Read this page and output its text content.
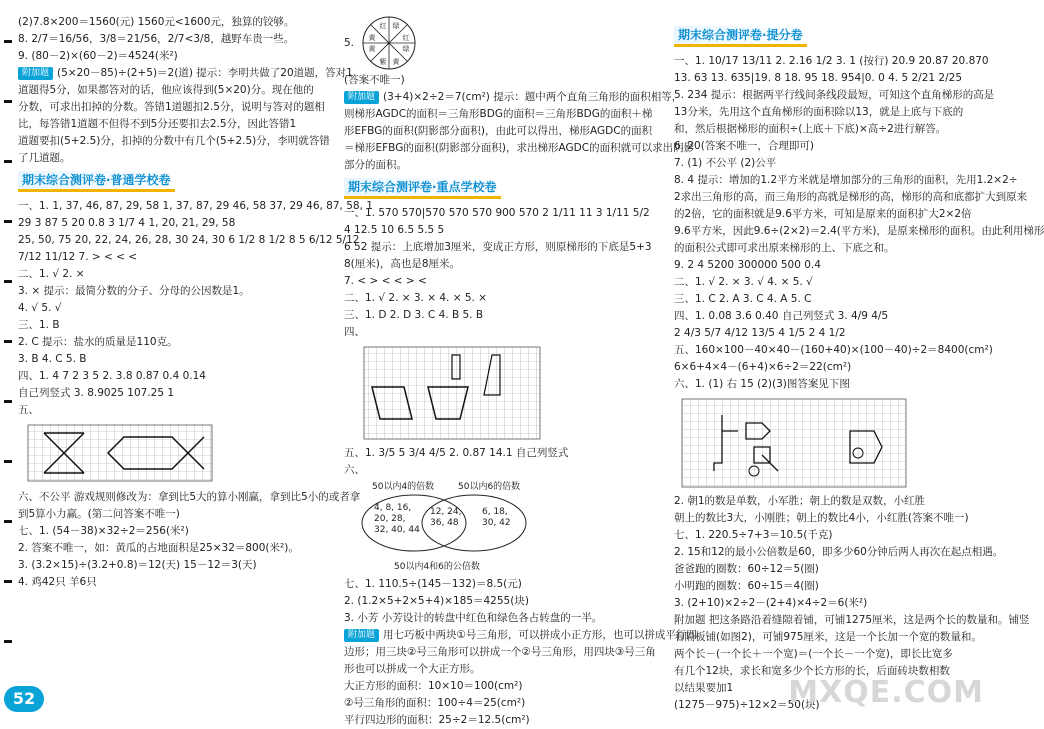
(2)7.8×200＝1560(元) 1560元<1600元，独算的铰够。
8. 2/7＝16/56，3/8＝21/56，2/7<3/8，越野车贵一些。
9. (80－2)×(60－2)＝4524(米²)
附加题 (5×20－85)÷(2+5)＝2(道) 提示：李明共做了20道题，答对1
道题得5分，如果都答对的话，他应该得到(5×20)分。现在他的
分数，可求出扣掉的分数。答错1道题扣2.5分，说明与答对的题相
比，每答错1道题不但得不到5分还要扣去2.5分，因此答错1
道题要扣(5+2.5)分，扣掉的分数中有几个(5+2.5)分，李明就答错
了几道题。
期末综合测评卷·普通学校卷
一、1. 1, 37, 46, 87, 29, 58 1, 37, 87, 29 46, 58 37, 29 46, 87, 58, 1
29 3 87 5 20 0.8 3 1/7 4 1, 20, 21, 29, 58
25, 50, 75 20, 22, 24, 26, 28, 30 24, 30 6 1/2 8 1/2 8 5 6/12 5/12
7/12 11/12 7. > < < <
二、1. √ 2. ×
3. × 提示：最简分数的分子、分母的公因数是1。
4. √ 5. √
三、1. B
2. C 提示：盐水的质量是110克。
3. B 4. C 5. B
四、1. 4 7 2 3 5 2. 3.8 0.87 0.4 0.14
自己列竖式 3. 8.9025 107.25 1
五、
六、不公平 游戏规则修改为：拿到比5大的算小刚赢，拿到比5小的或者拿
到5算小力赢。(第二问答案不唯一)
七、1. (54－38)×32÷2＝256(米²)
2. 答案不唯一，如：黄瓜的占地面积是25×32＝800(米²)。
3. (3.2×15)÷(3.2+0.8)＝12(天) 15－12＝3(天)
4. 鸡42只 羊6只
5.
红 绿
红
绿
黄
紫
黄
黄
(答案不唯一)
附加题 (3+4)×2÷2＝7(cm²) 提示：题中两个直角三角形的面积相等，
则梯形AGDC的面积＝三角形BDG的面积＝三角形BDG的面积＋梯
形EFBG的面积(阴影部分面积)，由此可以得出，梯形AGDC的面积
＝梯形EFBG的面积(阴影部分面积)，求出梯形AGDC的面积就可以求出阴影
部分的面积。
期末综合测评卷·重点学校卷
一、1. 570 570|570 570 570 900 570 2 1/11 11 3 1/11 5/2
4 12.5 10 6.5 5.5 5
6 52 提示：上底增加3厘米，变成正方形，则原梯形的下底是5+3
8(厘米)，高也是8厘米。
7. < > < < > <
二、1. √ 2. × 3. × 4. × 5. ×
三、1. D 2. D 3. C 4. B 5. B
四、
五、1. 3/5 5 3/4 4/5 2. 0.87 14.1 自己列竖式
六、
50以内4的倍数	50以内6的倍数
4, 8, 16,
20, 28,
32, 40, 44
12, 24,
36, 48
6, 18,
30, 42
50以内4和6的公倍数
七、1. 110.5÷(145－132)＝8.5(元)
2. (1.2×5+2×5+4)×185＝4255(块)
3. 小芳 小芳设计的转盘中红色和绿色各占转盘的一半。
附加题 用七巧板中两块①号三角形，可以拼成小正方形，也可以拼成平行四
边形；用三块②号三角形可以拼成一个②号三角形，用四块③号三角
形也可以拼成一个大正方形。
大正方形的面积：10×10＝100(cm²)
②号三角形的面积：100÷4＝25(cm²)
平行四边形的面积：25÷2＝12.5(cm²)
期末综合测评卷·提分卷
一、1. 10/17 13/11 2. 2.16 1/2 3. 1 (按行) 20.9 20.87 20.870
13. 63 13. 635|19. 8 18. 95 18. 954|0. 0 4. 5 2/21 2/25
5. 234 提示：根据两平行线间条线段最短，可知这个直角梯形的高是
13分米，先用这个直角梯形的面积除以13，就是上底与下底的
和，然后根据梯形的面积÷(上底＋下底)×高÷2进行解答。
6. 20(答案不唯一，合理即可)
7. (1) 不公平 (2)公平
8. 4 提示：增加的1.2平方米就是增加部分的三角形的面积，先用1.2×2÷
2求出三角形的高，而三角形的高就是梯形的高，梯形的高和底都扩大到原来
的2倍，它的面积就是9.6平方米，可知是原来的面积扩大2×2倍
9.6平方米，因此9.6÷(2×2)＝2.4(平方米)，是原来梯形的面积。由此利用梯形
的面积公式即可求出原来梯形的上、下底之和。
9. 2 4 5200 300000 500 0.4
二、1. √ 2. × 3. √ 4. × 5. √
三、1. C 2. A 3. C 4. A 5. C
四、1. 0.08 3.6 0.40 自己列竖式 3. 4/9 4/5
2 4/3 5/7 4/12 13/5 4 1/5 2 4 1/2
五、160×100－40×40－(160+40)×(100－40)÷2＝8400(cm²)
6×6+4×4－(6+4)×6÷2＝22(cm²)
六、1. (1) 右 15 (2)(3)图答案见下图
2. 朝1的数是单数，小军胜；朝上的数是双数，小红胜
朝上的数比3大，小刚胜；朝上的数比4小，小红胜(答案不唯一)
七、1. 220.5÷7+3＝10.5(千克)
2. 15和12的最小公倍数是60，即多少60分钟后两人再次在起点相遇。
爸爸跑的圈数：60÷12＝5(圈)
小明跑的圈数：60÷15＝4(圈)
3. (2+10)×2÷2－(2+4)×4÷2＝6(米²)
附加题 把这条路沿着缝隙着铺，可铺1275厘米，这是两个长的数量和。铺竖
着隔板铺(如图2)，可铺975厘米，这是一个长加一个宽的数量和。
两个长－(一个长＋一个宽)＝(一个长－一个宽)，即长比宽多
有几个12块，求长和宽多少个长方形的长，后面砖块数相数
以结果要加1
(1275－975)÷12×2＝50(块)
52	MXQE.COM
